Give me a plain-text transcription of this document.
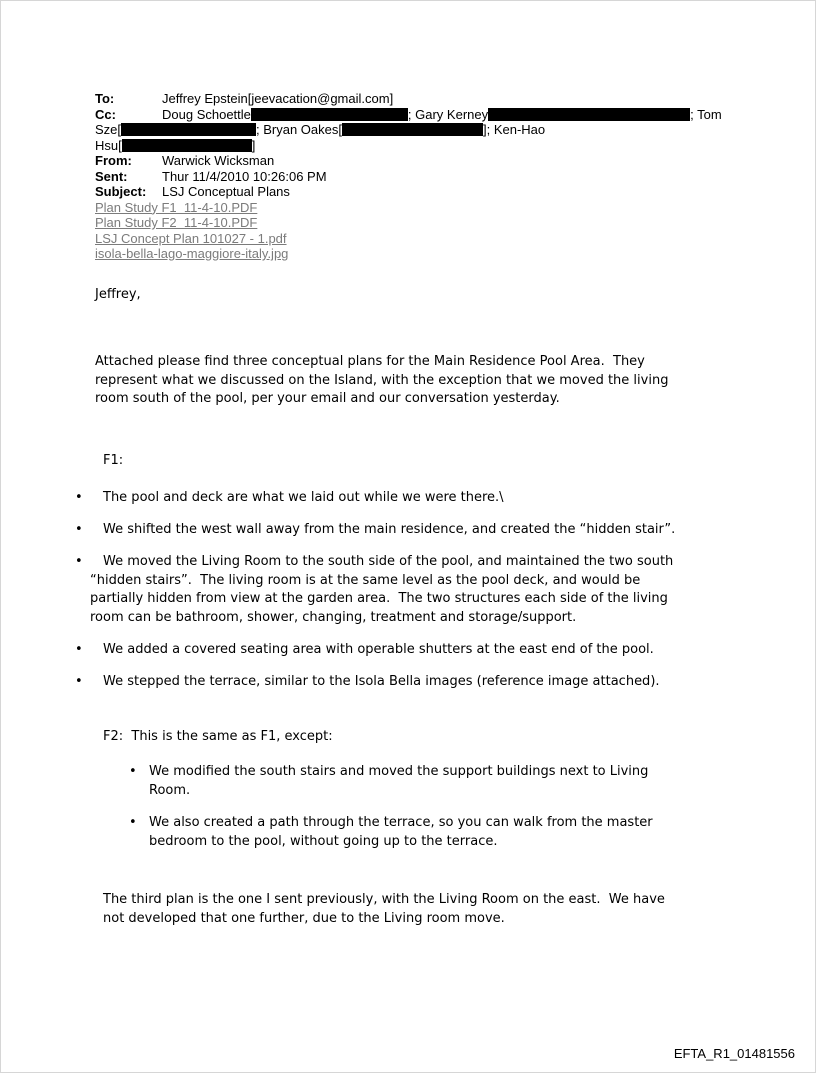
To:	Jeffrey Epstein[jeevacation@gmail.com]
Cc:	Doug Schoettle	; Gary Kerney	; Tom
Sze[	; Bryan Oakes[	]; Ken-Hao
Hsu[	]
From: Warwick Wicksman
Sent:	Thur 11/4/2010 10:26:06 PM
Subject: LSJ Conceptual Plans
Plan Study F1  11-4-10.PDF
Plan Study F2  11-4-10.PDF
LSJ Concept Plan 101027 - 1.pdf
isola-bella-lago-maggiore-italy.jpg
Jeffrey,
Attached please find three conceptual plans for the Main Residence Pool Area.  They
represent what we discussed on the Island, with the exception that we moved the living
room south of the pool, per your email and our conversation yesterday.
F1:
•
The pool and deck are what we laid out while we were there.\
•
We shifted the west wall away from the main residence, and created the “hidden stair”.
•
We moved the Living Room to the south side of the pool, and maintained the two south
“hidden stairs”.  The living room is at the same level as the pool deck, and would be
partially hidden from view at the garden area.  The two structures each side of the living
room can be bathroom, shower, changing, treatment and storage/support.
•
We added a covered seating area with operable shutters at the east end of the pool.
•
We stepped the terrace, similar to the Isola Bella images (reference image attached).
F2:  This is the same as F1, except:
•
We modified the south stairs and moved the support buildings next to Living
Room.
•
We also created a path through the terrace, so you can walk from the master
bedroom to the pool, without going up to the terrace.
The third plan is the one I sent previously, with the Living Room on the east.  We have
not developed that one further, due to the Living room move.
EFTA_R1_01481556
